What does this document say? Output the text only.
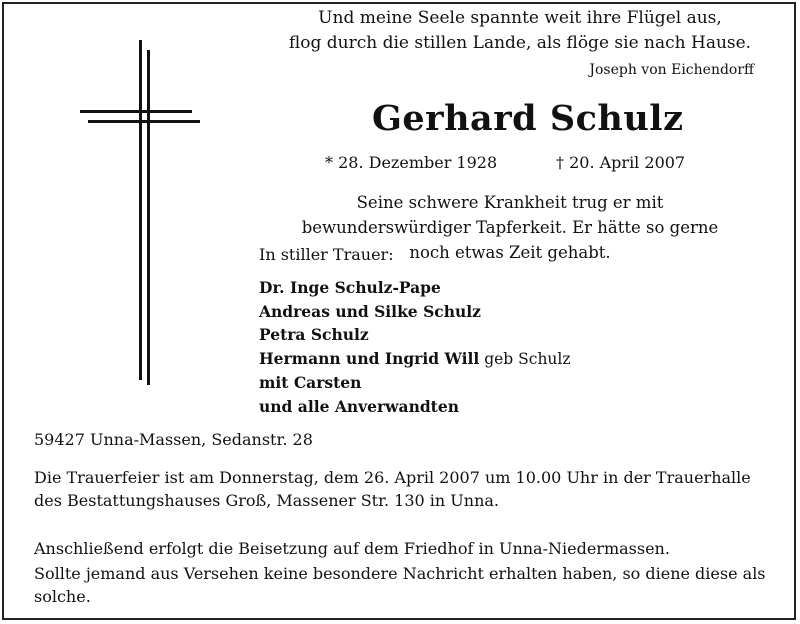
Und meine Seele spannte weit ihre Flügel aus,
flog durch die stillen Lande, als flöge sie nach Hause.
Joseph von Eichendorff
Gerhard Schulz
* 28. Dezember 1928	† 20. April 2007
Seine schwere Krankheit trug er mit bewunderswürdiger Tapferkeit. Er hätte so gerne noch etwas Zeit gehabt.
In stiller Trauer:
Dr. Inge Schulz-Pape
Andreas und Silke Schulz
Petra Schulz
Hermann und Ingrid Will geb Schulz
mit Carsten
und alle Anverwandten
59427 Unna-Massen, Sedanstr. 28
Die Trauerfeier ist am Donnerstag, dem 26. April 2007 um 10.00 Uhr in der Trauerhalle des Bestattungshauses Groß, Massener Str. 130 in Unna.
Anschließend erfolgt die Beisetzung auf dem Friedhof in Unna-Niedermassen.
Sollte jemand aus Versehen keine besondere Nachricht erhalten haben, so diene diese als solche.
